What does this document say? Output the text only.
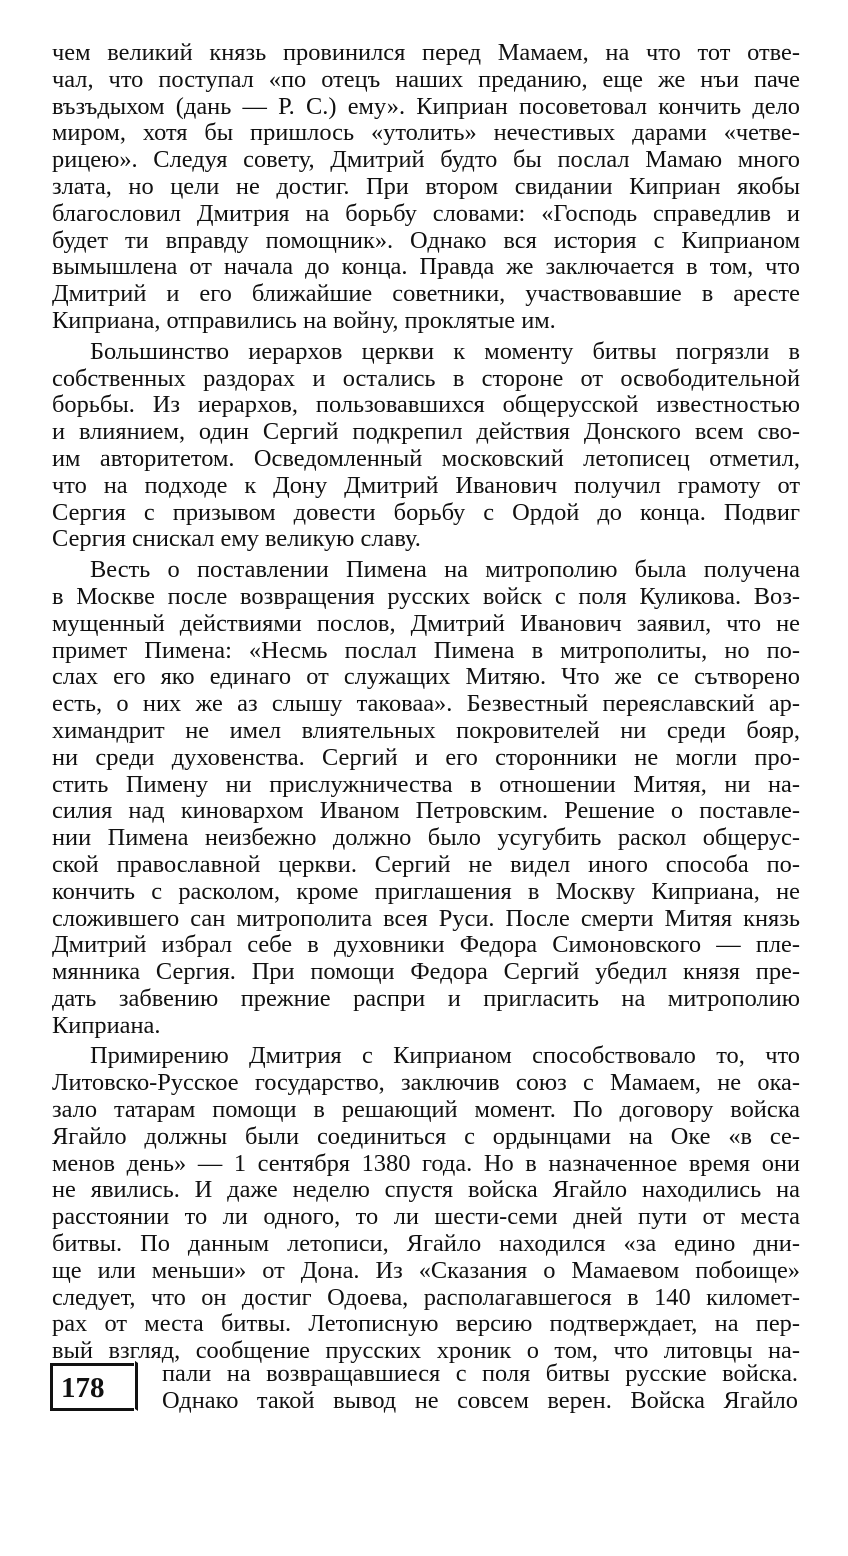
чем великий князь провинился перед Мамаем, на что тот отве-
чал, что поступал «по отецъ наших преданию, еще же нъи паче
възъдыхом (дань — Р. С.) ему». Киприан посоветовал кончить дело
миром, хотя бы пришлось «утолить» нечестивых дарами «четве-
рицею». Следуя совету, Дмитрий будто бы послал Мамаю много
злата, но цели не достиг. При втором свидании Киприан якобы
благословил Дмитрия на борьбу словами: «Господь справедлив и
будет ти вправду помощник». Однако вся история с Киприаном
вымышлена от начала до конца. Правда же заключается в том, что
Дмитрий и его ближайшие советники, участвовавшие в аресте
Киприана, отправились на войну, проклятые им.
Большинство иерархов церкви к моменту битвы погрязли в
собственных раздорах и остались в стороне от освободительной
борьбы. Из иерархов, пользовавшихся общерусской известностью
и влиянием, один Сергий подкрепил действия Донского всем сво-
им авторитетом. Осведомленный московский летописец отметил,
что на подходе к Дону Дмитрий Иванович получил грамоту от
Сергия с призывом довести борьбу с Ордой до конца. Подвиг
Сергия снискал ему великую славу.
Весть о поставлении Пимена на митрополию была получена
в Москве после возвращения русских войск с поля Куликова. Воз-
мущенный действиями послов, Дмитрий Иванович заявил, что не
примет Пимена: «Несмь послал Пимена в митрополиты, но по-
слах его яко единаго от служащих Митяю. Что же се сътворено
есть, о них же аз слышу таковаа». Безвестный переяславский ар-
химандрит не имел влиятельных покровителей ни среди бояр,
ни среди духовенства. Сергий и его сторонники не могли про-
стить Пимену ни прислужничества в отношении Митяя, ни на-
силия над киновархом Иваном Петровским. Решение о поставле-
нии Пимена неизбежно должно было усугубить раскол общерус-
ской православной церкви. Сергий не видел иного способа по-
кончить с расколом, кроме приглашения в Москву Киприана, не
сложившего сан митрополита всея Руси. После смерти Митяя князь
Дмитрий избрал себе в духовники Федора Симоновского — пле-
мянника Сергия. При помощи Федора Сергий убедил князя пре-
дать забвению прежние распри и пригласить на митрополию
Киприана.
Примирению Дмитрия с Киприаном способствовало то, что
Литовско-Русское государство, заключив союз с Мамаем, не ока-
зало татарам помощи в решающий момент. По договору войска
Ягайло должны были соединиться с ордынцами на Оке «в се-
менов день» — 1 сентября 1380 года. Но в назначенное время они
не явились. И даже неделю спустя войска Ягайло находились на
расстоянии то ли одного, то ли шести-семи дней пути от места
битвы. По данным летописи, Ягайло находился «за едино дни-
ще или меньши» от Дона. Из «Сказания о Мамаевом побоище»
следует, что он достиг Одоева, располагавшегося в 140 километ-
рах от места битвы. Летописную версию подтверждает, на пер-
вый взгляд, сообщение прусских хроник о том, что литовцы на-
178 пали на возвращавшиеся с поля битвы русские войска.
Однако такой вывод не совсем верен. Войска Ягайло
